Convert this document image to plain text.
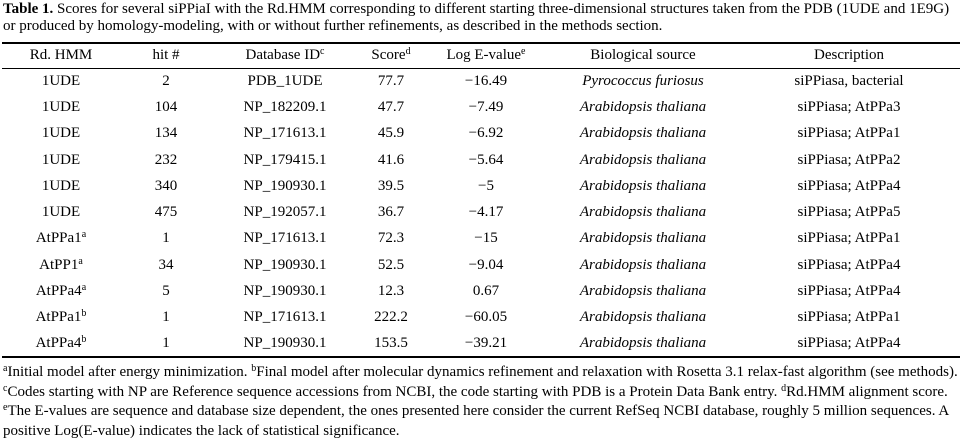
Table 1. Scores for several siPPiaI with the Rd.HMM corresponding to different starting three-dimensional structures taken from the PDB (1UDE and 1E9G) or produced by homology-modeling, with or without further refinements, as described in the methods section.
Rd. HMM	hit #	Database $ID^c$	Score$^d$	Log E-value$^e$	Biological source	Description
1UDE	2	PDB_1UDE	77.7	−16.49	Pyrococcus furiosus	siPPiasa, bacterial
1UDE	104	NP_182209.1	47.7	−7.49	Arabidopsis thaliana	siPPiasa; AtPPa3
1UDE	134	NP_171613.1	45.9	−6.92	Arabidopsis thaliana	siPPiasa; AtPPa1
1UDE	232	NP_179415.1	41.6	−5.64	Arabidopsis thaliana	siPPiasa; AtPPa2
1UDE	340	NP_190930.1	39.5	−5	Arabidopsis thaliana	siPPiasa; AtPPa4
1UDE	475	NP_192057.1	36.7	−4.17	Arabidopsis thaliana	siPPiasa; AtPPa5
AtPPa1$^a$	1	NP_171613.1	72.3	−15	Arabidopsis thaliana	siPPiasa; AtPPa1
AtPP1$^a$	34	NP_190930.1	52.5	−9.04	Arabidopsis thaliana	siPPiasa; AtPPa4
AtPPa4$^a$	5	NP_190930.1	12.3	0.67	Arabidopsis thaliana	siPPiasa; AtPPa4
AtPPa1$^b$	1	NP_171613.1	222.2	−60.05	Arabidopsis thaliana	siPPiasa; AtPPa1
AtPPa4$^b$	1	NP_190930.1	153.5	−39.21	Arabidopsis thaliana	siPPiasa; AtPPa4
$^a$Initial model after energy minimization. $^b$Final model after molecular dynamics refinement and relaxation with Rosetta 3.1 relax-fast algorithm (see methods). $^c$Codes starting with NP are Reference sequence accessions from NCBI, the code starting with PDB is a Protein Data Bank entry. $^d$Rd.HMM alignment score. $^e$The E-values are sequence and database size dependent, the ones presented here consider the current RefSeq NCBI database, roughly 5 million sequences. A positive Log(E-value) indicates the lack of statistical significance.
